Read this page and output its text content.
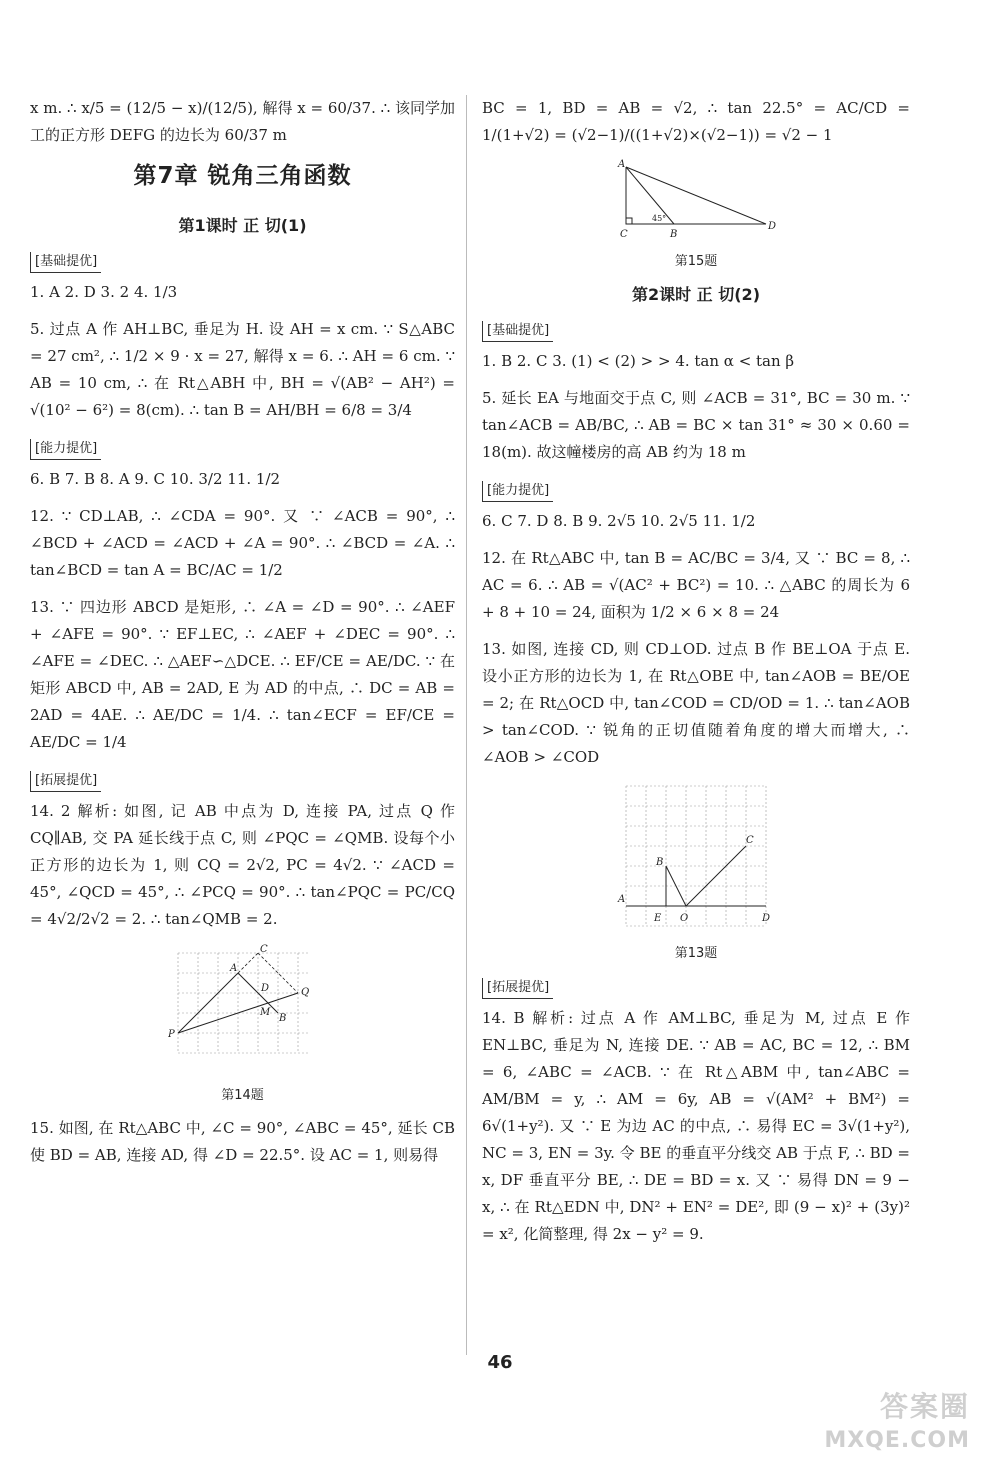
x m. ∴ x/5 = (12/5 − x)/(12/5), 解得 x = 60/37. ∴ 该同学加工的正方形 DEFG 的边长为 60/37 m

第7章 锐角三角函数
第1课时 正 切(1)
[基础提优]

1. A 2. D 3. 2 4. 1/3

5. 过点 A 作 AH⊥BC, 垂足为 H. 设 AH = x cm. ∵ S△ABC = 27 cm², ∴ 1/2 × 9 · x = 27, 解得 x = 6. ∴ AH = 6 cm. ∵ AB = 10 cm, ∴ 在 Rt△ABH 中, BH = √(AB² − AH²) = √(10² − 6²) = 8(cm). ∴ tan B = AH/BH = 6/8 = 3/4

[能力提优]

6. B 7. B 8. A 9. C 10. 3/2 11. 1/2

12. ∵ CD⊥AB, ∴ ∠CDA = 90°. 又 ∵ ∠ACB = 90°, ∴ ∠BCD + ∠ACD = ∠ACD + ∠A = 90°. ∴ ∠BCD = ∠A. ∴ tan∠BCD = tan A = BC/AC = 1/2

13. ∵ 四边形 ABCD 是矩形, ∴ ∠A = ∠D = 90°. ∴ ∠AEF + ∠AFE = 90°. ∵ EF⊥EC, ∴ ∠AEF + ∠DEC = 90°. ∴ ∠AFE = ∠DEC. ∴ △AEF∽△DCE. ∴ EF/CE = AE/DC. ∵ 在矩形 ABCD 中, AB = 2AD, E 为 AD 的中点, ∴ DC = AB = 2AD = 4AE. ∴ AE/DC = 1/4. ∴ tan∠ECF = EF/CE = AE/DC = 1/4

[拓展提优]

14. 2 解析: 如图, 记 AB 中点为 D, 连接 PA, 过点 Q 作 CQ∥AB, 交 PA 延长线于点 C, 则 ∠PQC = ∠QMB. 设每个小正方形的边长为 1, 则 CQ = 2√2, PC = 4√2. ∵ ∠ACD = 45°, ∠QCD = 45°, ∴ ∠PCQ = 90°. ∴ tan∠PQC = PC/CQ = 4√2/2√2 = 2. ∴ tan∠QMB = 2.

C
A
D	Q
M
B
P
第14题

15. 如图, 在 Rt△ABC 中, ∠C = 90°, ∠ABC = 45°, 延长 CB 使 BD = AB, 连接 AD, 得 ∠D = 22.5°. 设 AC = 1, 则易得

BC = 1, BD = AB = √2, ∴ tan 22.5° = AC/CD = 1/(1+√2) = (√2−1)/((1+√2)×(√2−1)) = √2 − 1

A
C	B
D
45°
第15题
第2课时 正 切(2)
[基础提优]

1. B 2. C 3. (1) < (2) > > 4. tan α < tan β

5. 延长 EA 与地面交于点 C, 则 ∠ACB = 31°, BC = 30 m. ∵ tan∠ACB = AB/BC, ∴ AB = BC × tan 31° ≈ 30 × 0.60 = 18(m). 故这幢楼房的高 AB 约为 18 m

[能力提优]

6. C 7. D 8. B 9. 2√5 10. 2√5 11. 1/2

12. 在 Rt△ABC 中, tan B = AC/BC = 3/4, 又 ∵ BC = 8, ∴ AC = 6. ∴ AB = √(AC² + BC²) = 10. ∴ △ABC 的周长为 6 + 8 + 10 = 24, 面积为 1/2 × 6 × 8 = 24

13. 如图, 连接 CD, 则 CD⊥OD. 过点 B 作 BE⊥OA 于点 E. 设小正方形的边长为 1, 在 Rt△OBE 中, tan∠AOB = BE/OE = 2; 在 Rt△OCD 中, tan∠COD = CD/OD = 1. ∴ tan∠AOB > tan∠COD. ∵ 锐角的正切值随着角度的增大而增大, ∴ ∠AOB > ∠COD

B
C
A
E O	D
第13题
[拓展提优]

14. B 解析: 过点 A 作 AM⊥BC, 垂足为 M, 过点 E 作 EN⊥BC, 垂足为 N, 连接 DE. ∵ AB = AC, BC = 12, ∴ BM = 6, ∠ABC = ∠ACB. ∵ 在 Rt△ABM 中, tan∠ABC = AM/BM = y, ∴ AM = 6y, AB = √(AM² + BM²) = 6√(1+y²). 又 ∵ E 为边 AC 的中点, ∴ 易得 EC = 3√(1+y²), NC = 3, EN = 3y. 令 BE 的垂直平分线交 AB 于点 F, ∴ BD = x, DF 垂直平分 BE, ∴ DE = BD = x. 又 ∵ 易得 DN = 9 − x, ∴ 在 Rt△EDN 中, DN² + EN² = DE², 即 (9 − x)² + (3y)² = x², 化简整理, 得 2x − y² = 9.

46
答案圈
MXQE.COM
